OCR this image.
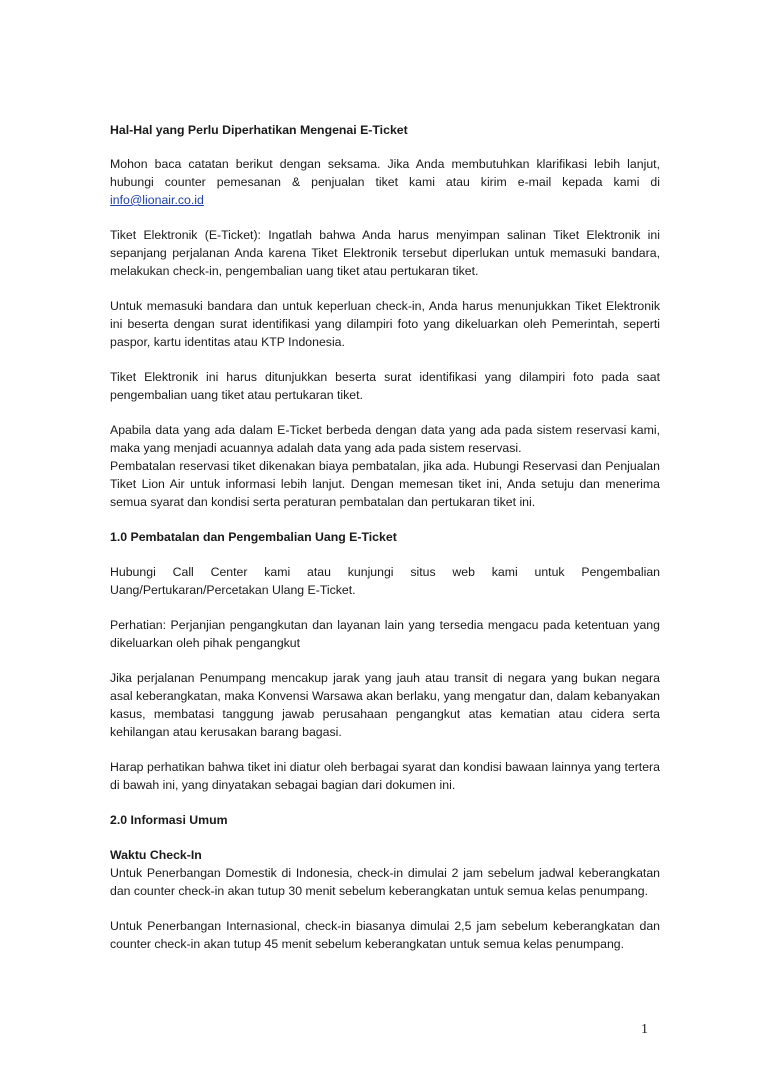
Hal-Hal yang Perlu Diperhatikan Mengenai E-Ticket

Mohon baca catatan berikut dengan seksama. Jika Anda membutuhkan klarifikasi lebih lanjut, hubungi counter pemesanan & penjualan tiket kami atau kirim e-mail kepada kami di info@lionair.co.id

Tiket Elektronik (E-Ticket): Ingatlah bahwa Anda harus menyimpan salinan Tiket Elektronik ini sepanjang perjalanan Anda karena Tiket Elektronik tersebut diperlukan untuk memasuki bandara, melakukan check-in, pengembalian uang tiket atau pertukaran tiket.

Untuk memasuki bandara dan untuk keperluan check-in, Anda harus menunjukkan Tiket Elektronik ini beserta dengan surat identifikasi yang dilampiri foto yang dikeluarkan oleh Pemerintah, seperti paspor, kartu identitas atau KTP Indonesia.

Tiket Elektronik ini harus ditunjukkan beserta surat identifikasi yang dilampiri foto pada saat pengembalian uang tiket atau pertukaran tiket.

Apabila data yang ada dalam E-Ticket berbeda dengan data yang ada pada sistem reservasi kami, maka yang menjadi acuannya adalah data yang ada pada sistem reservasi.

Pembatalan reservasi tiket dikenakan biaya pembatalan, jika ada. Hubungi Reservasi dan Penjualan Tiket Lion Air untuk informasi lebih lanjut. Dengan memesan tiket ini, Anda setuju dan menerima semua syarat dan kondisi serta peraturan pembatalan dan pertukaran tiket ini.

1.0 Pembatalan dan Pengembalian Uang E-Ticket

Hubungi Call Center kami atau kunjungi situs web kami untuk Pengembalian Uang/Pertukaran/Percetakan Ulang E-Ticket.

Perhatian: Perjanjian pengangkutan dan layanan lain yang tersedia mengacu pada ketentuan yang dikeluarkan oleh pihak pengangkut

Jika perjalanan Penumpang mencakup jarak yang jauh atau transit di negara yang bukan negara asal keberangkatan, maka Konvensi Warsawa akan berlaku, yang mengatur dan, dalam kebanyakan kasus, membatasi tanggung jawab perusahaan pengangkut atas kematian atau cidera serta kehilangan atau kerusakan barang bagasi.

Harap perhatikan bahwa tiket ini diatur oleh berbagai syarat dan kondisi bawaan lainnya yang tertera di bawah ini, yang dinyatakan sebagai bagian dari dokumen ini.

2.0 Informasi Umum

Waktu Check-In

Untuk Penerbangan Domestik di Indonesia, check-in dimulai 2 jam sebelum jadwal keberangkatan dan counter check-in akan tutup 30 menit sebelum keberangkatan untuk semua kelas penumpang.

Untuk Penerbangan Internasional, check-in biasanya dimulai 2,5 jam sebelum keberangkatan dan counter check-in akan tutup 45 menit sebelum keberangkatan untuk semua kelas penumpang.

1
